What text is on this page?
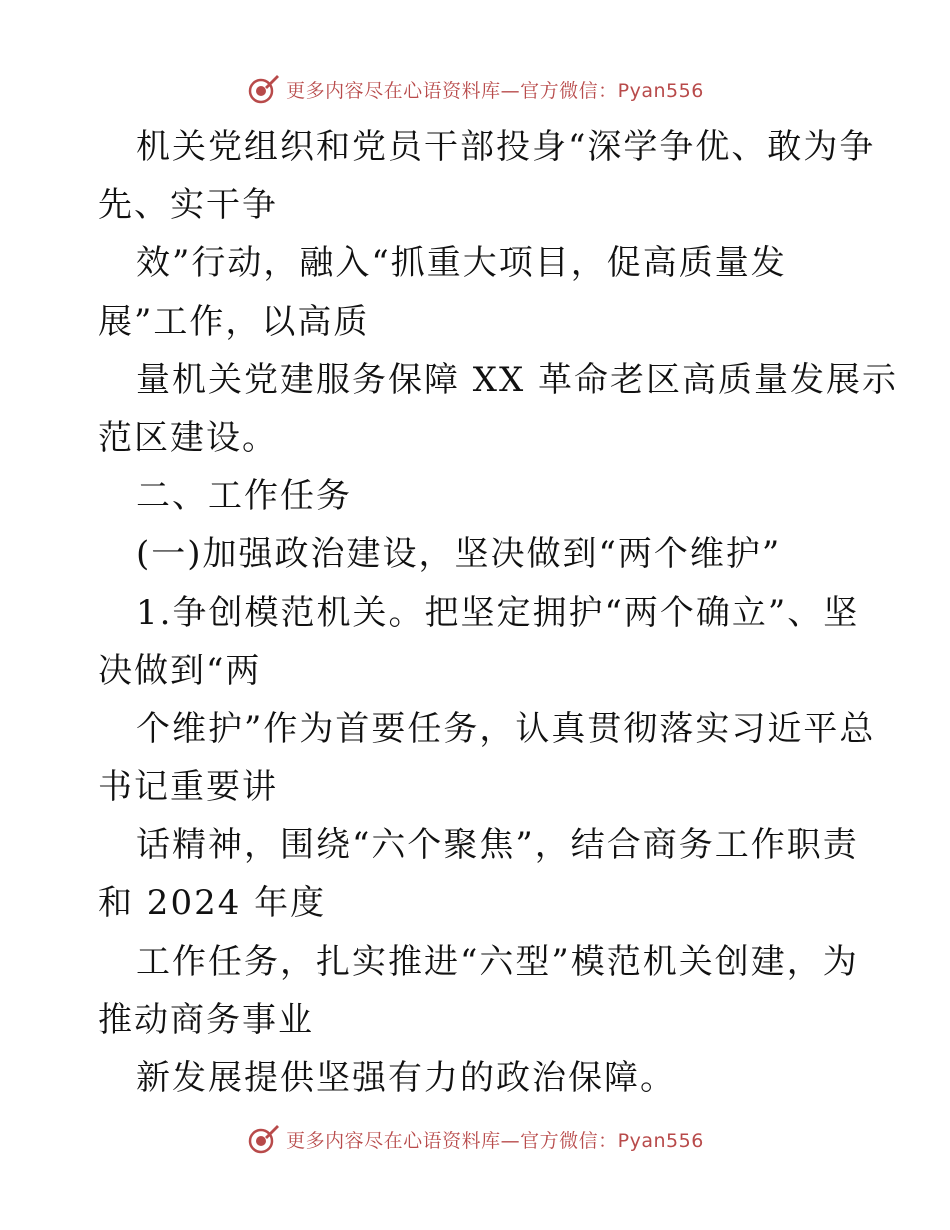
更多内容尽在心语资料库—官方微信：Pyan556
机关党组织和党员干部投身“深学争优、敢为争
先、实干争
效”行动，融入“抓重大项目，促高质量发
展”工作，以高质
量机关党建服务保障 XX 革命老区高质量发展示
范区建设。
二、工作任务
(一)加强政治建设，坚决做到“两个维护”
1.争创模范机关。把坚定拥护“两个确立”、坚
决做到“两
个维护”作为首要任务，认真贯彻落实习近平总
书记重要讲
话精神，围绕“六个聚焦”，结合商务工作职责
和 2024 年度
工作任务，扎实推进“六型”模范机关创建，为
推动商务事业
新发展提供坚强有力的政治保障。
更多内容尽在心语资料库—官方微信：Pyan556
